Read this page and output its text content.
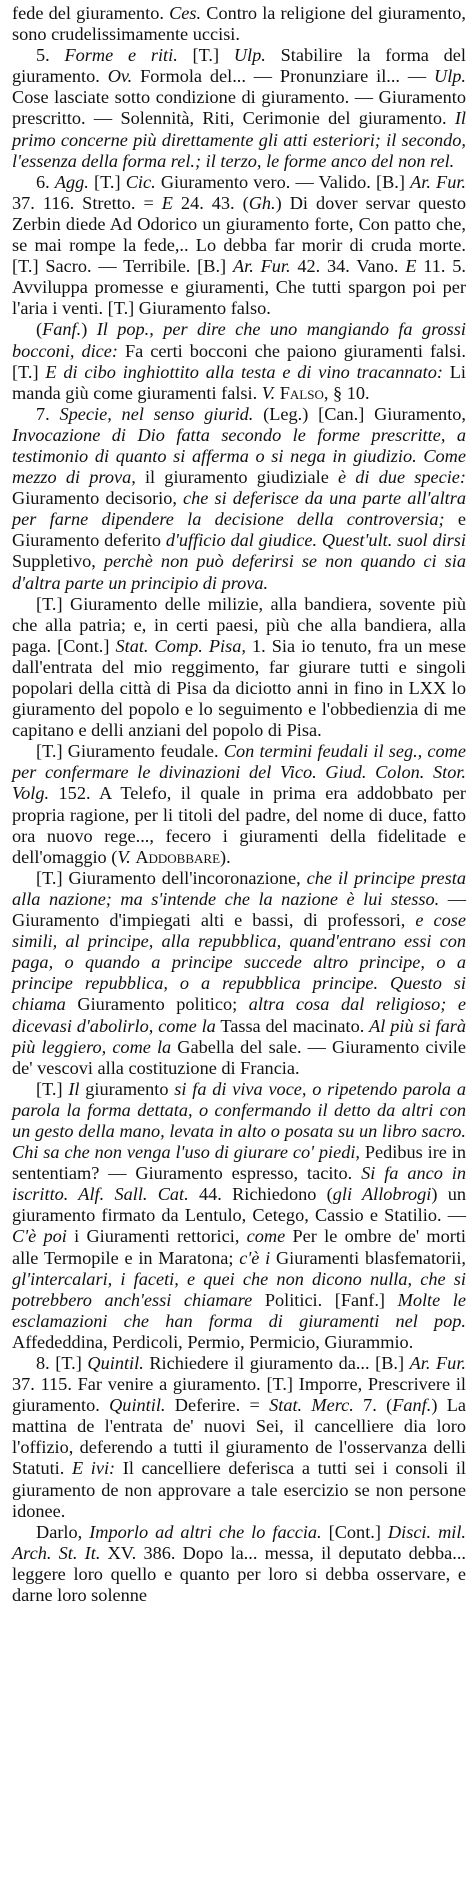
fede del giuramento. Ces. Contro la religione del giuramento, sono crudelissimamente uccisi.

5. Forme e riti. [T.] Ulp. Stabilire la forma del giuramento. Ov. Formola del... — Pronunziare il... — Ulp. Cose lasciate sotto condizione di giuramento. — Giuramento prescritto. — Solennità, Riti, Cerimonie del giuramento. Il primo concerne più direttamente gli atti esteriori; il secondo, l'essenza della forma rel.; il terzo, le forme anco del non rel.

6. Agg. [T.] Cic. Giuramento vero. — Valido. [B.] Ar. Fur. 37. 116. Stretto. = E 24. 43. (Gh.) Di dover servar questo Zerbin diede Ad Odorico un giuramento forte, Con patto che, se mai rompe la fede,.. Lo debba far morir di cruda morte. [T.] Sacro. — Terribile. [B.] Ar. Fur. 42. 34. Vano. E 11. 5. Avviluppa promesse e giuramenti, Che tutti spargon poi per l'aria i venti. [T.] Giuramento falso.

(Fanf.) Il pop., per dire che uno mangiando fa grossi bocconi, dice: Fa certi bocconi che paiono giuramenti falsi. [T.] E di cibo inghiottito alla testa e di vino tracannato: Li manda giù come giuramenti falsi. V. Falso, § 10.

7. Specie, nel senso giurid. (Leg.) [Can.] Giuramento, Invocazione di Dio fatta secondo le forme prescritte, a testimonio di quanto si afferma o si nega in giudizio. Come mezzo di prova, il giuramento giudiziale è di due specie: Giuramento decisorio, che si deferisce da una parte all'altra per farne dipendere la decisione della controversia; e Giuramento deferito d'ufficio dal giudice. Quest'ult. suol dirsi Suppletivo, perchè non può deferirsi se non quando ci sia d'altra parte un principio di prova.

[T.] Giuramento delle milizie, alla bandiera, sovente più che alla patria; e, in certi paesi, più che alla bandiera, alla paga. [Cont.] Stat. Comp. Pisa, 1. Sia io tenuto, fra un mese dall'entrata del mio reggimento, far giurare tutti e singoli popolari della città di Pisa da diciotto anni in fino in LXX lo giuramento del popolo e lo seguimento e l'obbedienzia di me capitano e delli anziani del popolo di Pisa.

[T.] Giuramento feudale. Con termini feudali il seg., come per confermare le divinazioni del Vico. Giud. Colon. Stor. Volg. 152. A Telefo, il quale in prima era addobbato per propria ragione, per li titoli del padre, del nome di duce, fatto ora nuovo rege..., fecero i giuramenti della fidelitade e dell'omaggio (V. Addobbare).

[T.] Giuramento dell'incoronazione, che il principe presta alla nazione; ma s'intende che la nazione è lui stesso. — Giuramento d'impiegati alti e bassi, di professori, e cose simili, al principe, alla repubblica, quand'entrano essi con paga, o quando a principe succede altro principe, o a principe repubblica, o a repubblica principe. Questo si chiama Giuramento politico; altra cosa dal religioso; e dicevasi d'abolirlo, come la Tassa del macinato. Al più si farà più leggiero, come la Gabella del sale. — Giuramento civile de' vescovi alla costituzione di Francia.

[T.] Il giuramento si fa di viva voce, o ripetendo parola a parola la forma dettata, o confermando il detto da altri con un gesto della mano, levata in alto o posata su un libro sacro. Chi sa che non venga l'uso di giurare co' piedi, Pedibus ire in sententiam? — Giuramento espresso, tacito. Si fa anco in iscritto. Alf. Sall. Cat. 44. Richiedono (gli Allobrogi) un giuramento firmato da Lentulo, Cetego, Cassio e Statilio. — C'è poi i Giuramenti rettorici, come Per le ombre de' morti alle Termopile e in Maratona; c'è i Giuramenti blasfematorii, gl'intercalari, i faceti, e quei che non dicono nulla, che si potrebbero anch'essi chiamare Politici. [Fanf.] Molte le esclamazioni che han forma di giuramenti nel pop. Affededdina, Perdicoli, Permio, Permicio, Giurammio.

8. [T.] Quintil. Richiedere il giuramento da... [B.] Ar. Fur. 37. 115. Far venire a giuramento. [T.] Imporre, Prescrivere il giuramento. Quintil. Deferire. = Stat. Merc. 7. (Fanf.) La mattina de l'entrata de' nuovi Sei, il cancelliere dia loro l'offizio, deferendo a tutti il giuramento de l'osservanza delli Statuti. E ivi: Il cancelliere deferisca a tutti sei i consoli il giuramento de non approvare a tale esercizio se non persone idonee.

Darlo, Imporlo ad altri che lo faccia. [Cont.] Disci. mil. Arch. St. It. XV. 386. Dopo la... messa, il deputato debba... leggere loro quello e quanto per loro si debba osservare, e darne loro solenne
